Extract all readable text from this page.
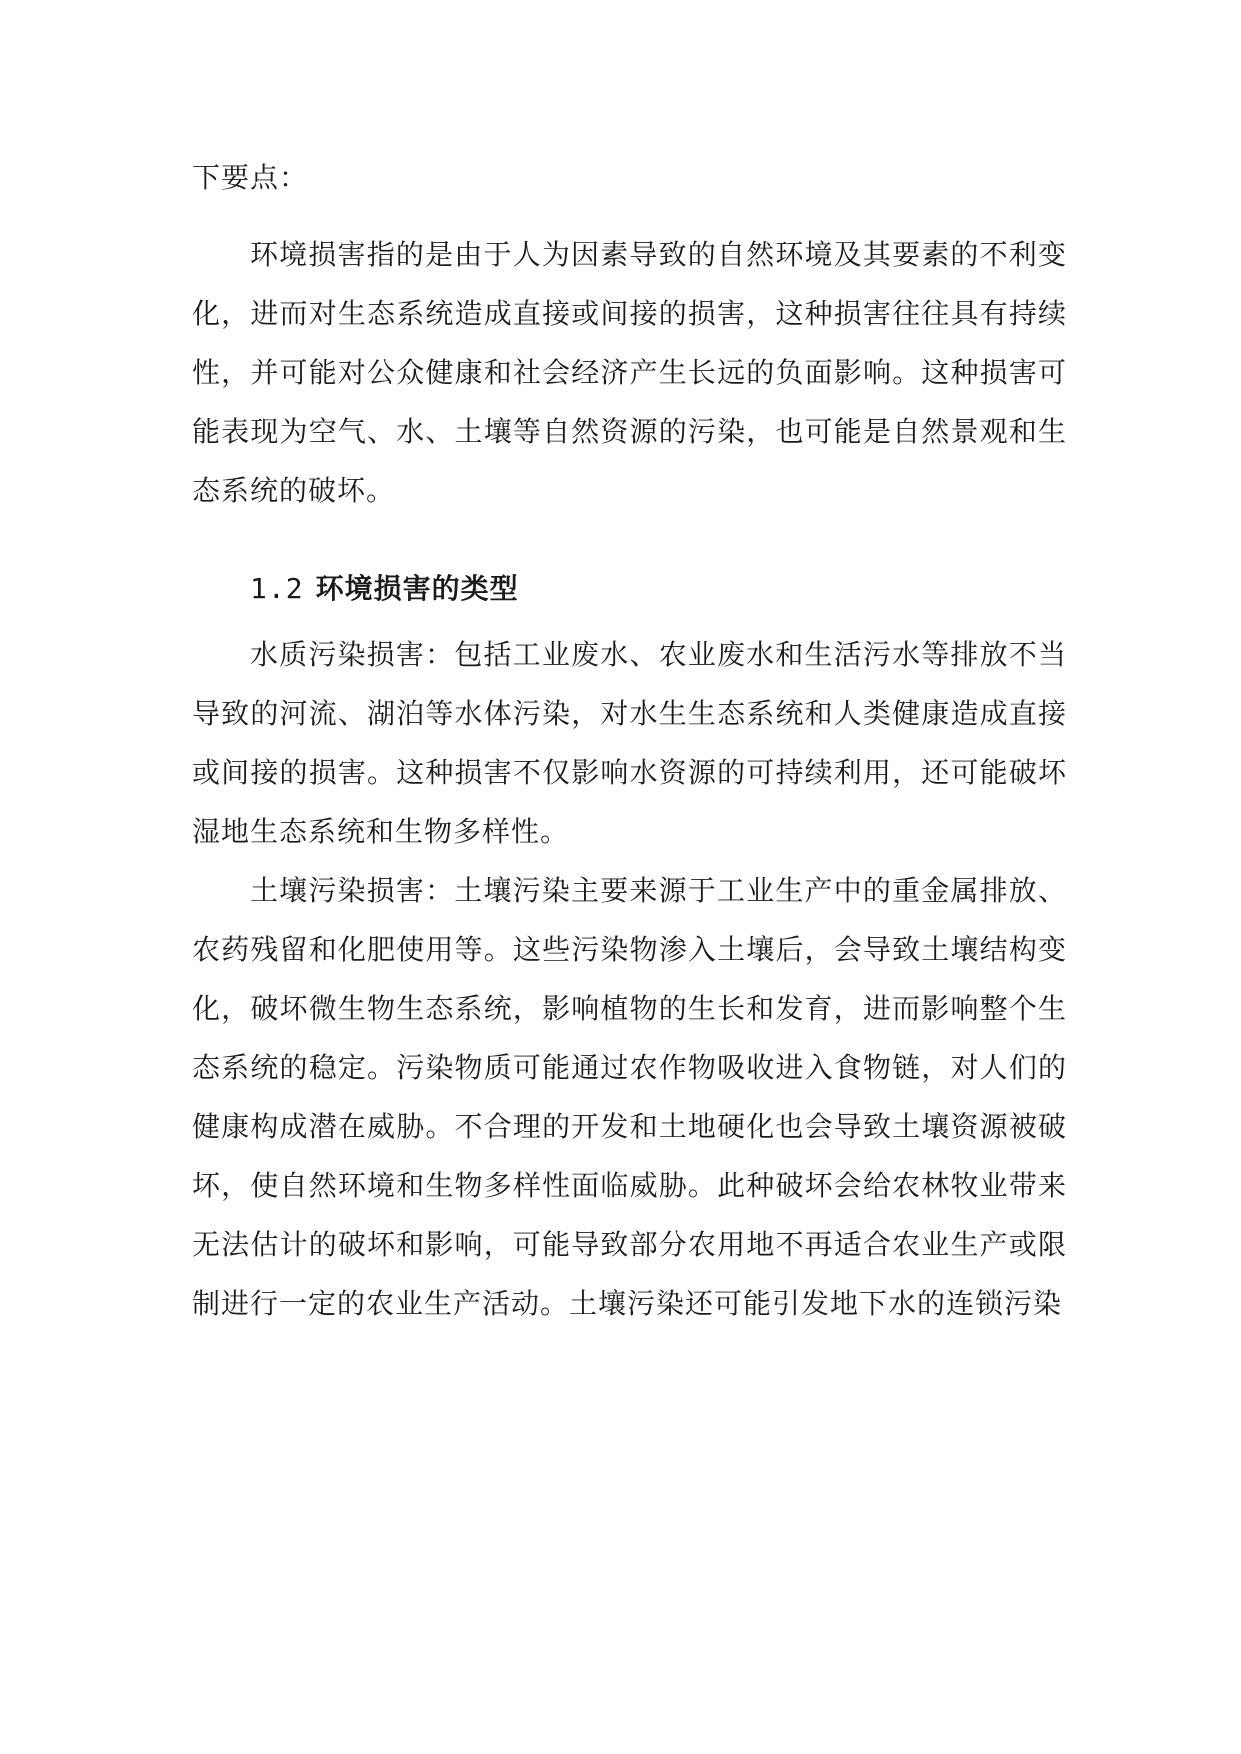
下要点：

环境损害指的是由于人为因素导致的自然环境及其要素的不利变化，进而对生态系统造成直接或间接的损害，这种损害往往具有持续性，并可能对公众健康和社会经济产生长远的负面影响。这种损害可能表现为空气、水、土壤等自然资源的污染，也可能是自然景观和生态系统的破坏。

1.2 环境损害的类型

水质污染损害：包括工业废水、农业废水和生活污水等排放不当导致的河流、湖泊等水体污染，对水生生态系统和人类健康造成直接或间接的损害。这种损害不仅影响水资源的可持续利用，还可能破坏湿地生态系统和生物多样性。

土壤污染损害：土壤污染主要来源于工业生产中的重金属排放、农药残留和化肥使用等。这些污染物渗入土壤后，会导致土壤结构变化，破坏微生物生态系统，影响植物的生长和发育，进而影响整个生态系统的稳定。污染物质可能通过农作物吸收进入食物链，对人们的健康构成潜在威胁。不合理的开发和土地硬化也会导致土壤资源被破坏，使自然环境和生物多样性面临威胁。此种破坏会给农林牧业带来无法估计的破坏和影响，可能导致部分农用地不再适合农业生产或限制进行一定的农业生产活动。土壤污染还可能引发地下水的连锁污染
